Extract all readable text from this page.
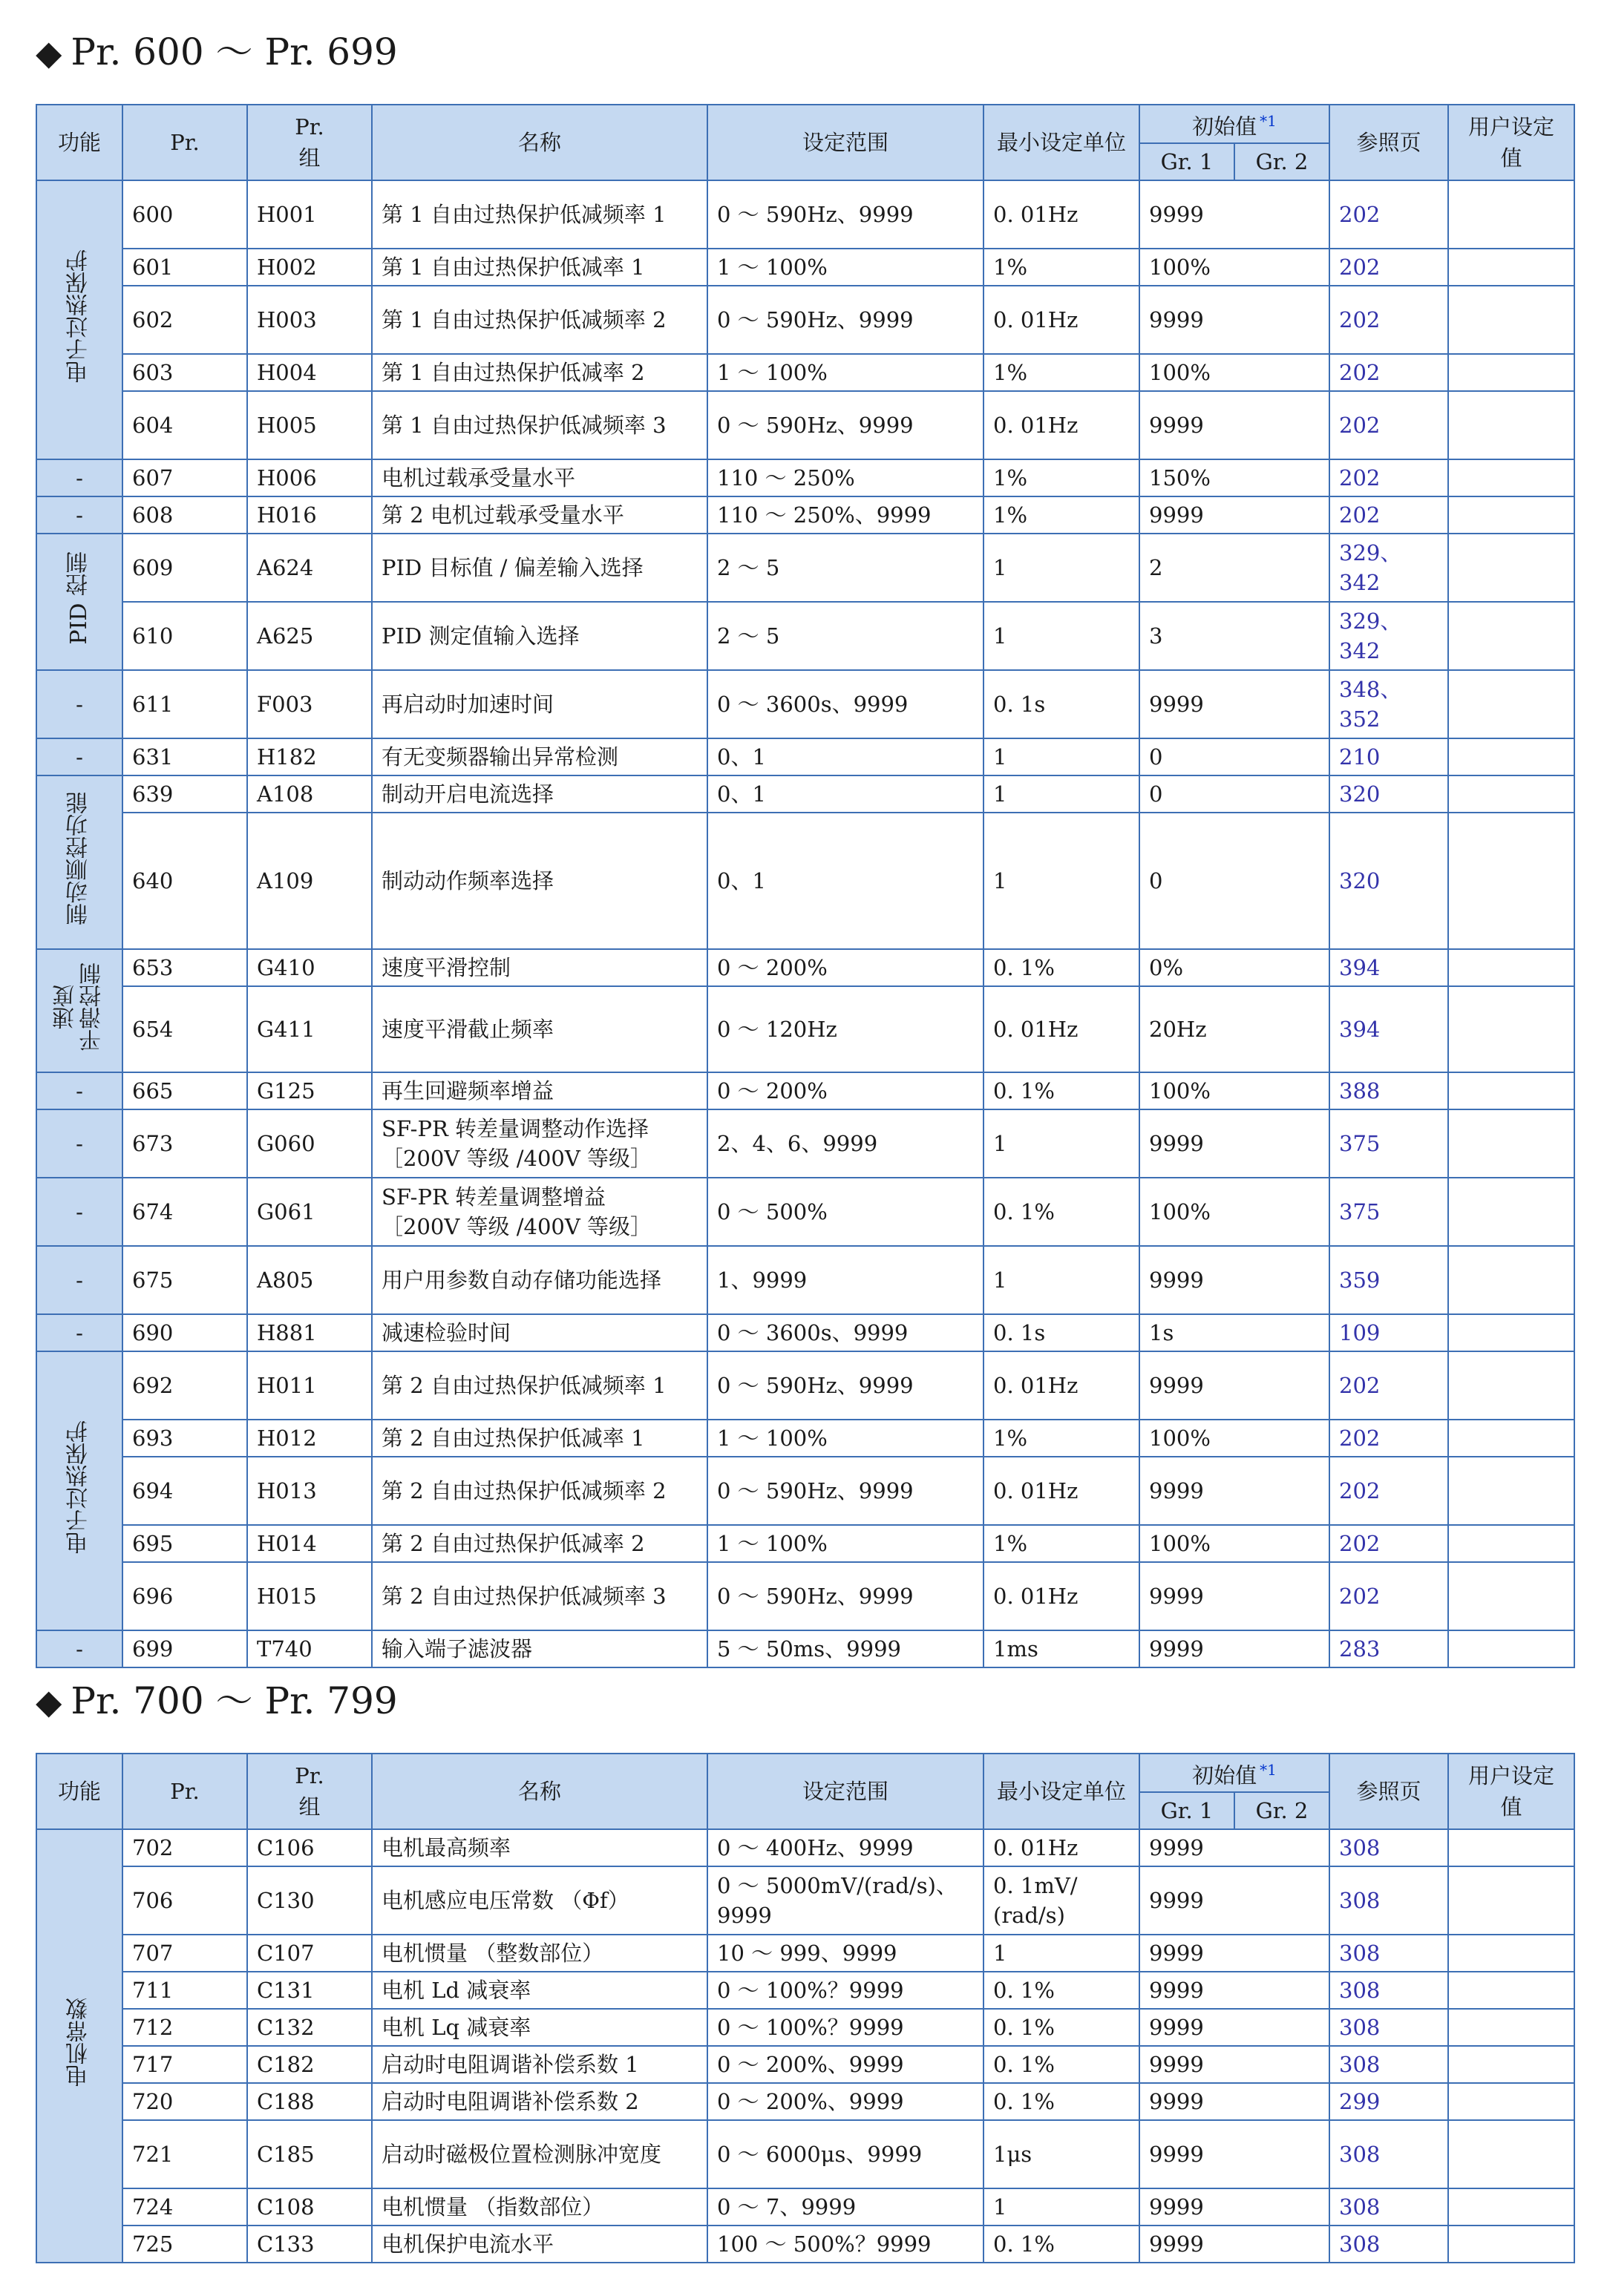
◆ Pr. 600 ～ Pr. 699
功能	Pr.	Pr.
组	名称	设定范围	最小设定单位	初始值 $^{*1}$		参照页	用户设定值
						Gr. 1	Gr. 2		
电子过热保护	600	H001	第 1 自由过热保护低减频率 1	0 ～ 590Hz、9999	0. 01Hz	9999		202	
	601	H002	第 1 自由过热保护低减率 1	1 ～ 100%	1%	100%		202	
	602	H003	第 1 自由过热保护低减频率 2	0 ～ 590Hz、9999	0. 01Hz	9999		202	
	603	H004	第 1 自由过热保护低减率 2	1 ～ 100%	1%	100%		202	
	604	H005	第 1 自由过热保护低减频率 3	0 ～ 590Hz、9999	0. 01Hz	9999		202	
-	607	H006	电机过载承受量水平	110 ～ 250%	1%	150%		202	
-	608	H016	第 2 电机过载承受量水平	110 ～ 250%、9999	1%	9999		202	
PID 控制	609	A624	PID 目标值 / 偏差输入选择	2 ～ 5	1	2		329、
342	
	610	A625	PID 测定值输入选择	2 ～ 5	1	3		329、
342	
-	611	F003	再启动时加速时间	0 ～ 3600s、9999	0. 1s	9999		348、
352	
-	631	H182	有无变频器输出异常检测	0、1	1	0		210	
制动顺控功能	639	A108	制动开启电流选择	0、1	1	0		320	
	640	A109	制动动作频率选择	0、1	1	0		320	
速度
平滑控制	653	G410	速度平滑控制	0 ～ 200%	0. 1%	0%		394	
	654	G411	速度平滑截止频率	0 ～ 120Hz	0. 01Hz	20Hz		394	
-	665	G125	再生回避频率增益	0 ～ 200%	0. 1%	100%		388	
-	673	G060	SF-PR 转差量调整动作选择
［200V 等级 /400V 等级］	2、4、6、9999	1	9999		375	
-	674	G061	SF-PR 转差量调整增益
［200V 等级 /400V 等级］	0 ～ 500%	0. 1%	100%		375	
-	675	A805	用户用参数自动存储功能选择	1、9999	1	9999		359	
-	690	H881	减速检验时间	0 ～ 3600s、9999	0. 1s	1s		109	
电子过热保护	692	H011	第 2 自由过热保护低减频率 1	0 ～ 590Hz、9999	0. 01Hz	9999		202	
	693	H012	第 2 自由过热保护低减率 1	1 ～ 100%	1%	100%		202	
	694	H013	第 2 自由过热保护低减频率 2	0 ～ 590Hz、9999	0. 01Hz	9999		202	
	695	H014	第 2 自由过热保护低减率 2	1 ～ 100%	1%	100%		202	
	696	H015	第 2 自由过热保护低减频率 3	0 ～ 590Hz、9999	0. 01Hz	9999		202	
-	699	T740	输入端子滤波器	5 ～ 50ms、9999	1ms	9999		283	
◆ Pr. 700 ～ Pr. 799
功能	Pr.	Pr.
组	名称	设定范围	最小设定单位	初始值 $^{*1}$		参照页	用户设定值
						Gr. 1	Gr. 2		
电机常数	702	C106	电机最高频率	0 ～ 400Hz、9999	0. 01Hz	9999		308	
	706	C130	电机感应电压常数 （Φf）	0 ～ 5000mV/(rad/s)、
9999	0. 1mV/
(rad/s)	9999		308	
	707	C107	电机惯量 （整数部位）	10 ～ 999、9999	1	9999		308	
	711	C131	电机 Ld 减衰率	0 ～ 100%？9999	0. 1%	9999		308	
	712	C132	电机 Lq 减衰率	0 ～ 100%？9999	0. 1%	9999		308	
	717	C182	启动时电阻调谐补偿系数 1	0 ～ 200%、9999	0. 1%	9999		308	
	720	C188	启动时电阻调谐补偿系数 2	0 ～ 200%、9999	0. 1%	9999		299	
	721	C185	启动时磁极位置检测脉冲宽度	0 ～ 6000μs、9999	1μs	9999		308	
	724	C108	电机惯量 （指数部位）	0 ～ 7、9999	1	9999		308	
	725	C133	电机保护电流水平	100 ～ 500%？9999	0. 1%	9999		308	
